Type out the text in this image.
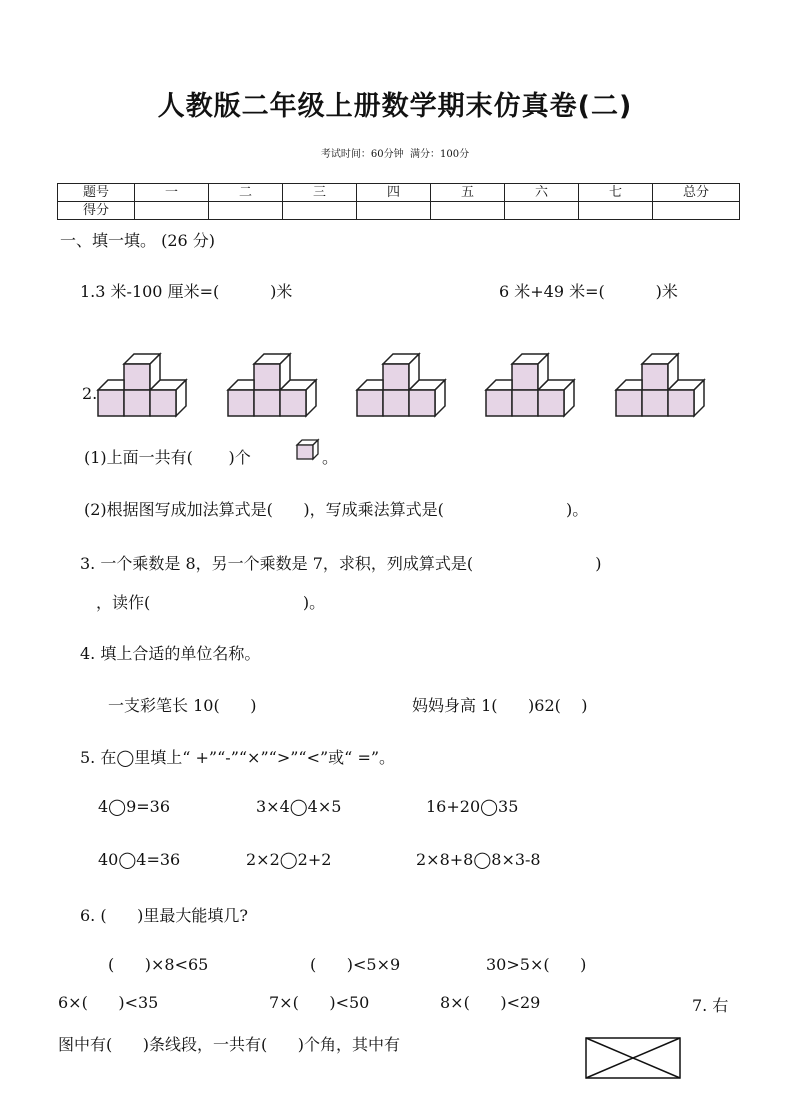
人教版二年级上册数学期末仿真卷(二)
考试时间：60分钟  满分：100分
题号	一	二	三	四	五	六	七	总分
得分								
一、填一填。 (26 分)
1.3 米-100 厘米=(          )米	6 米+49 米=(          )米
2.
(1)上面一共有(       )个	。
(2)根据图写成加法算式是(      )，写成乘法算式是(                        )。
3. 一个乘数是 8，另一个乘数是 7，求积，列成算式是(                        )
，读作(                              )。
4. 填上合适的单位名称。
一支彩笔长 10(      )	妈妈身高 1(      )62(    )
5. 在◯里填上“ +”“-”“×”“>”“<”或“ =”。
4◯9=36	3×4◯4×5	16+20◯35
40◯4=36	2×2◯2+2	2×8+8◯8×3-8
6. (      )里最大能填几?
(      )×8<65	(      )<5×9	30>5×(      )
6×(      )<35	7×(      )<50	8×(      )<29	7. 右
图中有(      )条线段，一共有(      )个角，其中有
